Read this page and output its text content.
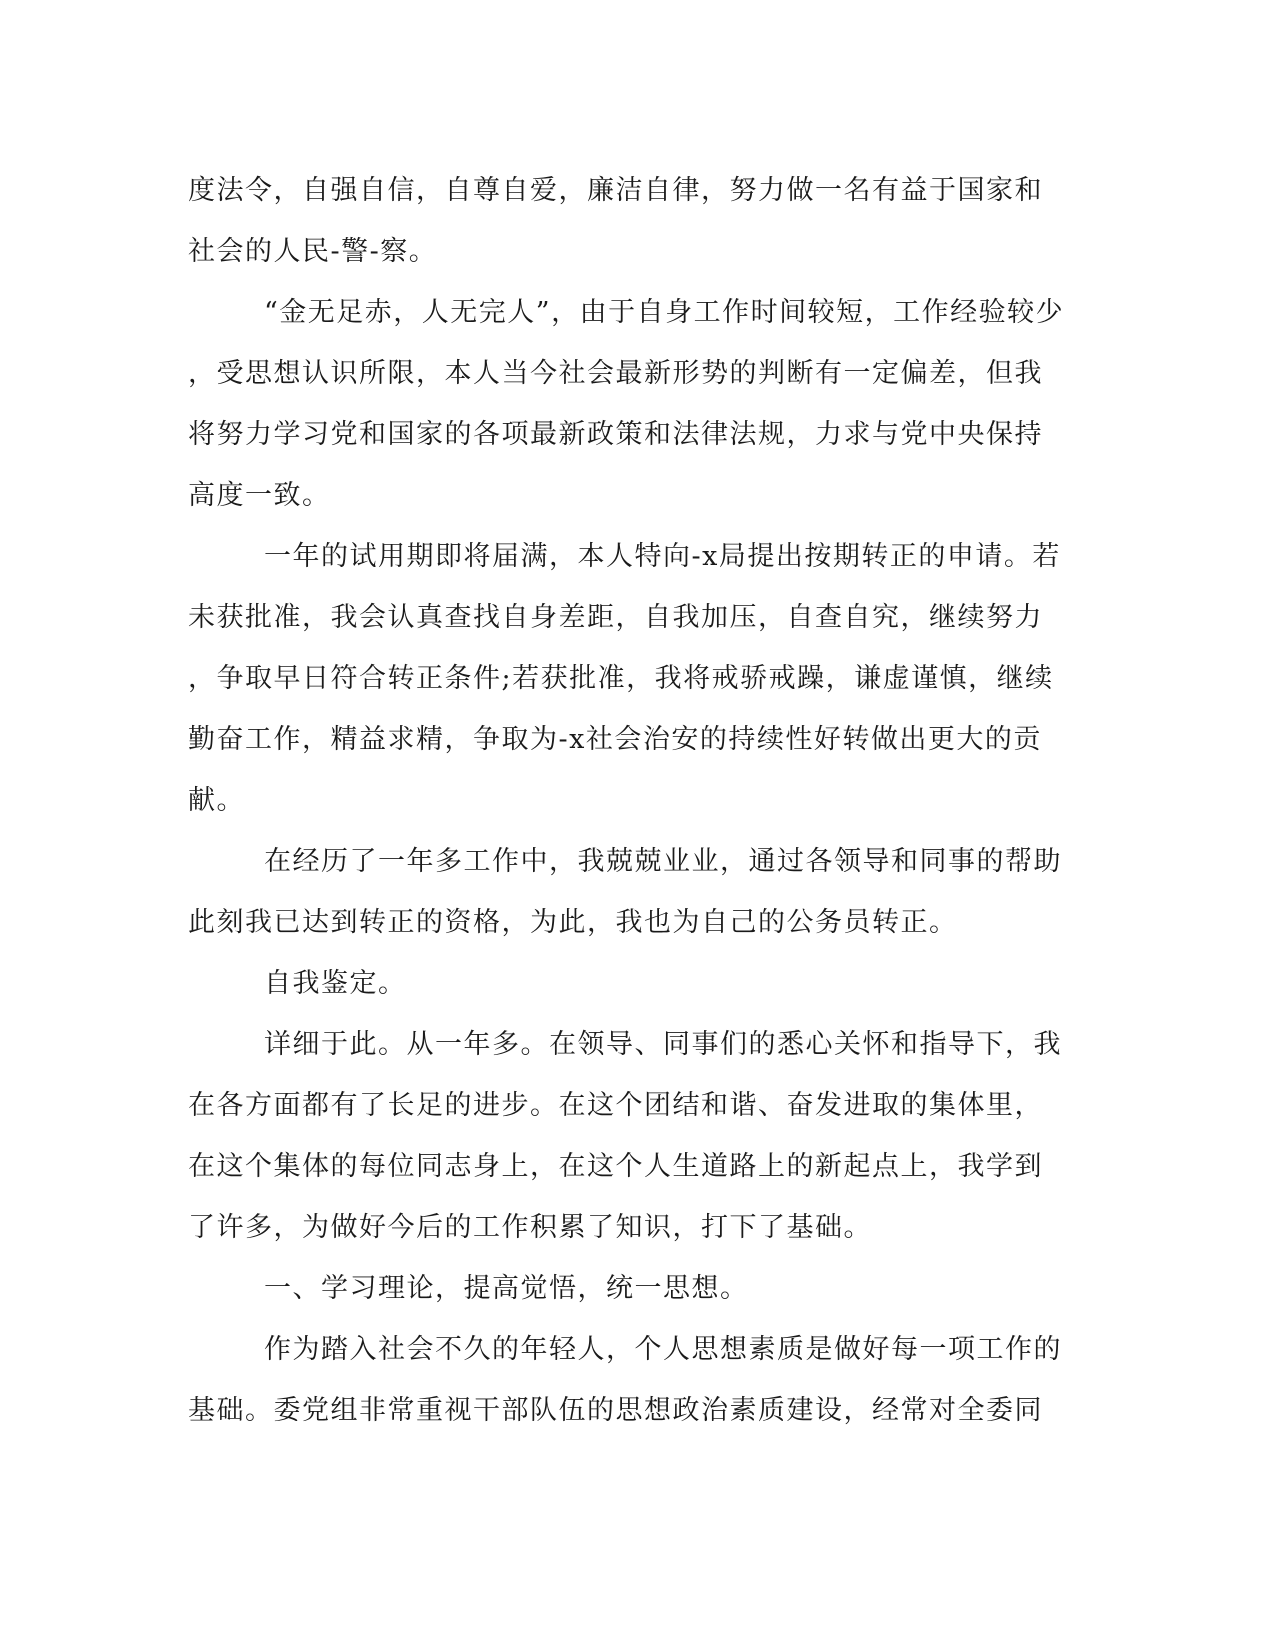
度法令，自强自信，自尊自爱，廉洁自律，努力做一名有益于国家和
社会的人民-警-察。
“金无足赤，人无完人”，由于自身工作时间较短，工作经验较少
，受思想认识所限，本人当今社会最新形势的判断有一定偏差，但我
将努力学习党和国家的各项最新政策和法律法规，力求与党中央保持
高度一致。
一年的试用期即将届满，本人特向-x局提出按期转正的申请。若
未获批准，我会认真查找自身差距，自我加压，自查自究，继续努力
，争取早日符合转正条件;若获批准，我将戒骄戒躁，谦虚谨慎，继续
勤奋工作，精益求精，争取为-x社会治安的持续性好转做出更大的贡
献。
在经历了一年多工作中，我兢兢业业，通过各领导和同事的帮助
此刻我已达到转正的资格，为此，我也为自己的公务员转正。
自我鉴定。
详细于此。从一年多。在领导、同事们的悉心关怀和指导下，我
在各方面都有了长足的进步。在这个团结和谐、奋发进取的集体里，
在这个集体的每位同志身上，在这个人生道路上的新起点上，我学到
了许多，为做好今后的工作积累了知识，打下了基础。
一、学习理论，提高觉悟，统一思想。
作为踏入社会不久的年轻人，个人思想素质是做好每一项工作的
基础。委党组非常重视干部队伍的思想政治素质建设，经常对全委同
